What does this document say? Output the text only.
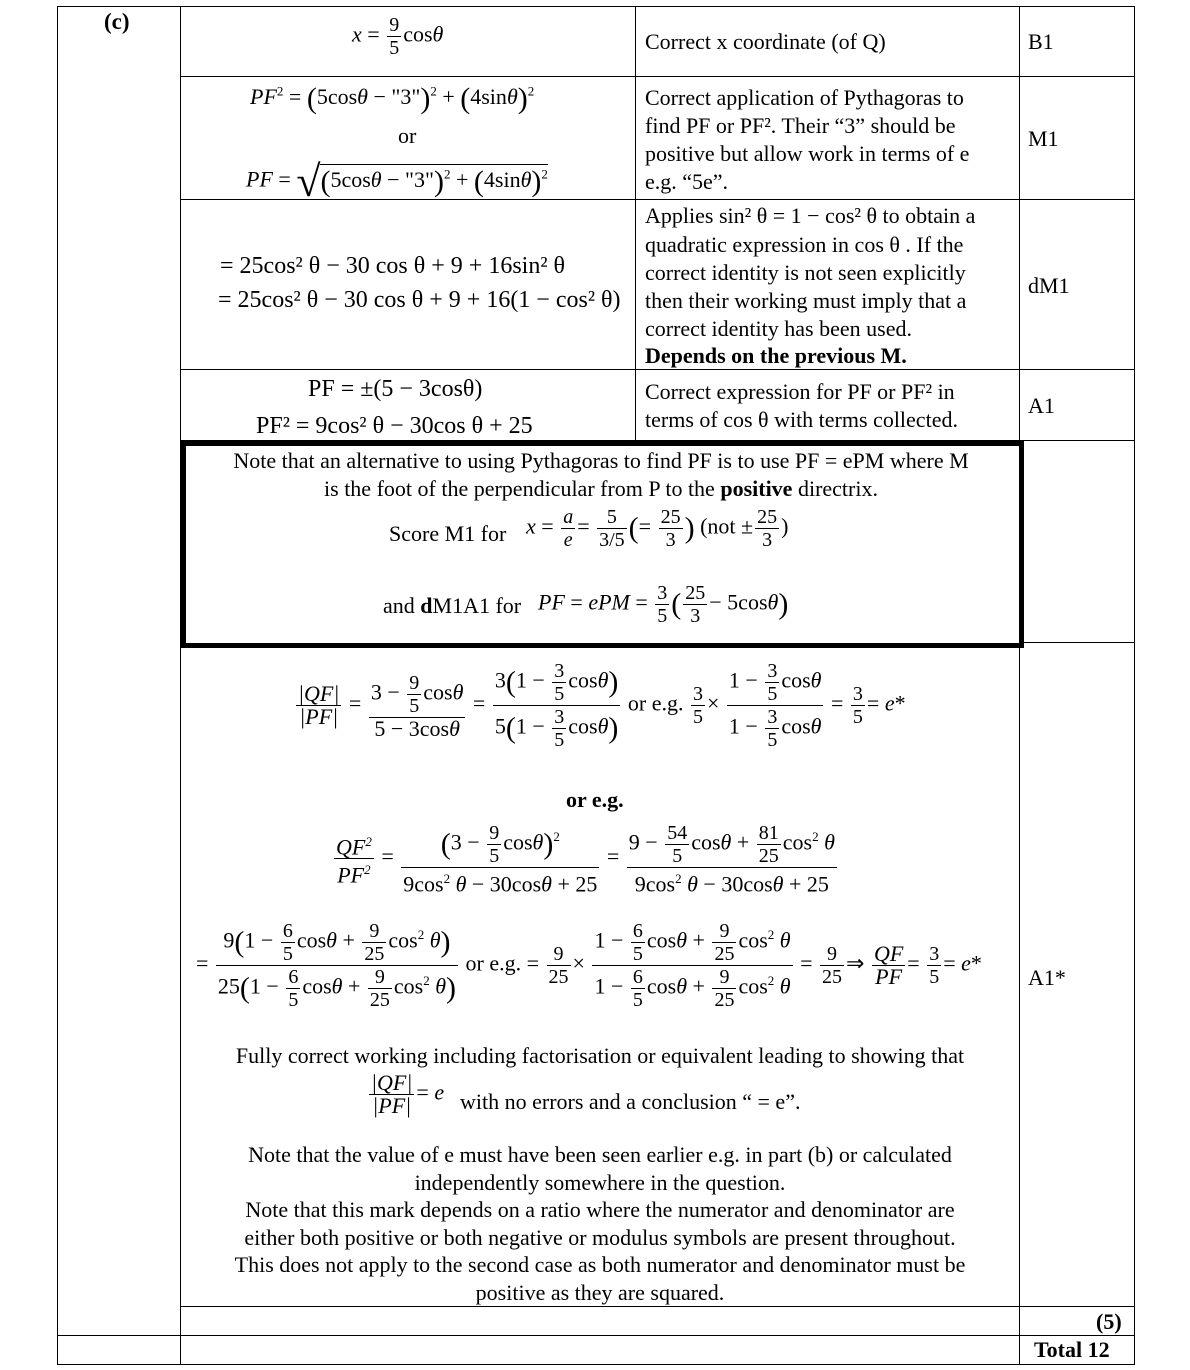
(c)
$x = \frac{9}{5}$ cosθ	Correct x coordinate (of Q)	B1
$PF^2 = (5\cos\theta$ − "3")$^2$ + $(4\sin\theta)^2$
or
PF = √(5cosθ − "3")$^2$ + $(4\sin\theta)^2$
Correct application of Pythagoras to
find PF or PF². Their “3” should be
positive but allow work in terms of e
e.g. “5e”.
M1
= 25cos² θ − 30 cos θ + 9 + 16sin² θ
= 25cos² θ − 30 cos θ + 9 + 16(1 − cos² θ)
Applies sin² θ = 1 − cos² θ to obtain a
quadratic expression in cos θ . If the
correct identity is not seen explicitly
then their working must imply that a
correct identity has been used.
Depends on the previous M.
dM1
PF = ±(5 − 3cosθ)
PF² = 9cos² θ − 30cos θ + 25
Correct expression for PF or PF² in
terms of cos θ with terms collected.
A1
Note that an alternative to using Pythagoras to find PF is to use PF = ePM where M
is the foot of the perpendicular from P to the positive directrix.
Score M1 for $x = \frac{a}{e} = \frac{5}{3/5}$ (= $\frac{25}{3}$ ) ($not \pm \frac{25}{3}$ )
and dM1A1 for PF = ePM = $\frac{3}{5}$ ( $\frac{25}{3} - 5\cos\theta$)
$\frac{|QF|}{|PF|} = \frac{3 - \frac{9}{5} \cos\theta}{5 - 3\cos\theta} = \frac{3(1 - \frac{3}{5} \cos\theta)}{5(1 - \frac{3}{5} \cos\theta)}$ or e.g. $\frac{3}{5} \times \frac{1 - \frac{3}{5} \cos\theta}{1 - \frac{3}{5} \cos\theta} = \frac{3}{5} = e*$
or e.g.
$\frac{QF^2}{PF^2} = \frac{(3 - \frac{9}{5} \cos\theta)^2}{9\cos^2 \theta - 30\cos\theta + 25} = \frac{9 - \frac{54}{5} \cos\theta + \frac{81}{25} \cos^2 \theta}{9\cos^2 \theta - 30\cos\theta + 25}$
= $\frac{9(1 - \frac{6}{5} \cos\theta + \frac{9}{25} \cos^2 \theta)}{25(1 - \frac{6}{5} \cos\theta + \frac{9}{25} \cos^2 \theta)}$ or e.g. = $\frac{9}{25} \times \frac{1 - \frac{6}{5} \cos\theta + \frac{9}{25} \cos^2 \theta}{1 - \frac{6}{5} \cos\theta + \frac{9}{25} \cos^2 \theta} = \frac{9}{25}$ ⇒ $\frac{QF}{PF} = \frac{3}{5} = e*$
A1*
Fully correct working including factorisation or equivalent leading to showing that
$\frac{|QF|}{|PF|} = e$ with no errors and a conclusion “ = e”.
Note that the value of e must have been seen earlier e.g. in part (b) or calculated
independently somewhere in the question.
Note that this mark depends on a ratio where the numerator and denominator are
either both positive or both negative or modulus symbols are present throughout.
This does not apply to the second case as both numerator and denominator must be
positive as they are squared.
(5)
Total 12
